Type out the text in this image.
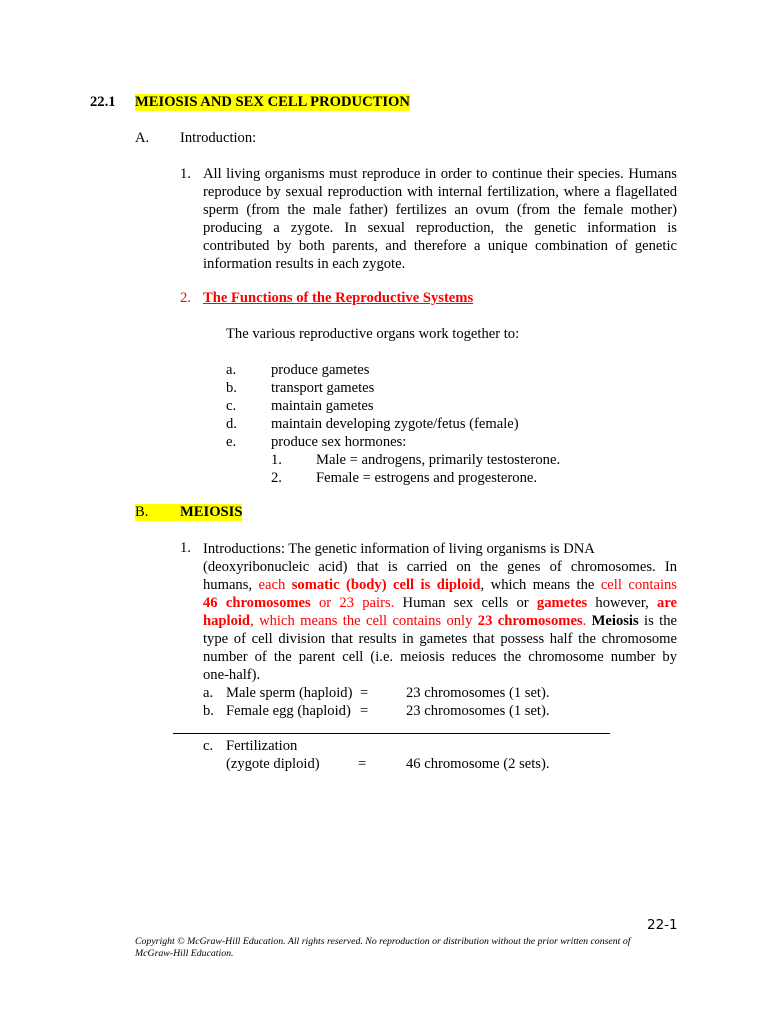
22.1 MEIOSIS AND SEX CELL PRODUCTION
A. Introduction:
1. All living organisms must reproduce in order to continue their species. Humans reproduce by sexual reproduction with internal fertilization, where a flagellated sperm (from the male father) fertilizes an ovum (from the female mother) producing a zygote. In sexual reproduction, the genetic information is contributed by both parents, and therefore a unique combination of genetic information results in each zygote.
2. The Functions of the Reproductive Systems
The various reproductive organs work together to:
a. produce gametes
b. transport gametes
c. maintain gametes
d. maintain developing zygote/fetus (female)
e. produce sex hormones:
1. Male = androgens, primarily testosterone.
2. Female = estrogens and progesterone.
B.	MEIOSIS
1. Introductions: The genetic information of living organisms is DNA
(deoxyribonucleic acid) that is carried on the genes of chromosomes. In
humans, each somatic (body) cell is diploid, which means the cell contains
46 chromosomes or 23 pairs. Human sex cells or gametes however, are
haploid, which means the cell contains only 23 chromosomes. Meiosis is the
type of cell division that results in gametes that possess half the chromosome
number of the parent cell (i.e. meiosis reduces the chromosome number by
one-half).
a. Male sperm (haploid) =	23 chromosomes (1 set).
b. Female egg (haploid) =	23 chromosomes (1 set).
c. Fertilization
(zygote diploid)	=	46 chromosome (2 sets).
22-1
Copyright © McGraw-Hill Education. All rights reserved. No reproduction or distribution without the prior written consent of McGraw-Hill Education.
